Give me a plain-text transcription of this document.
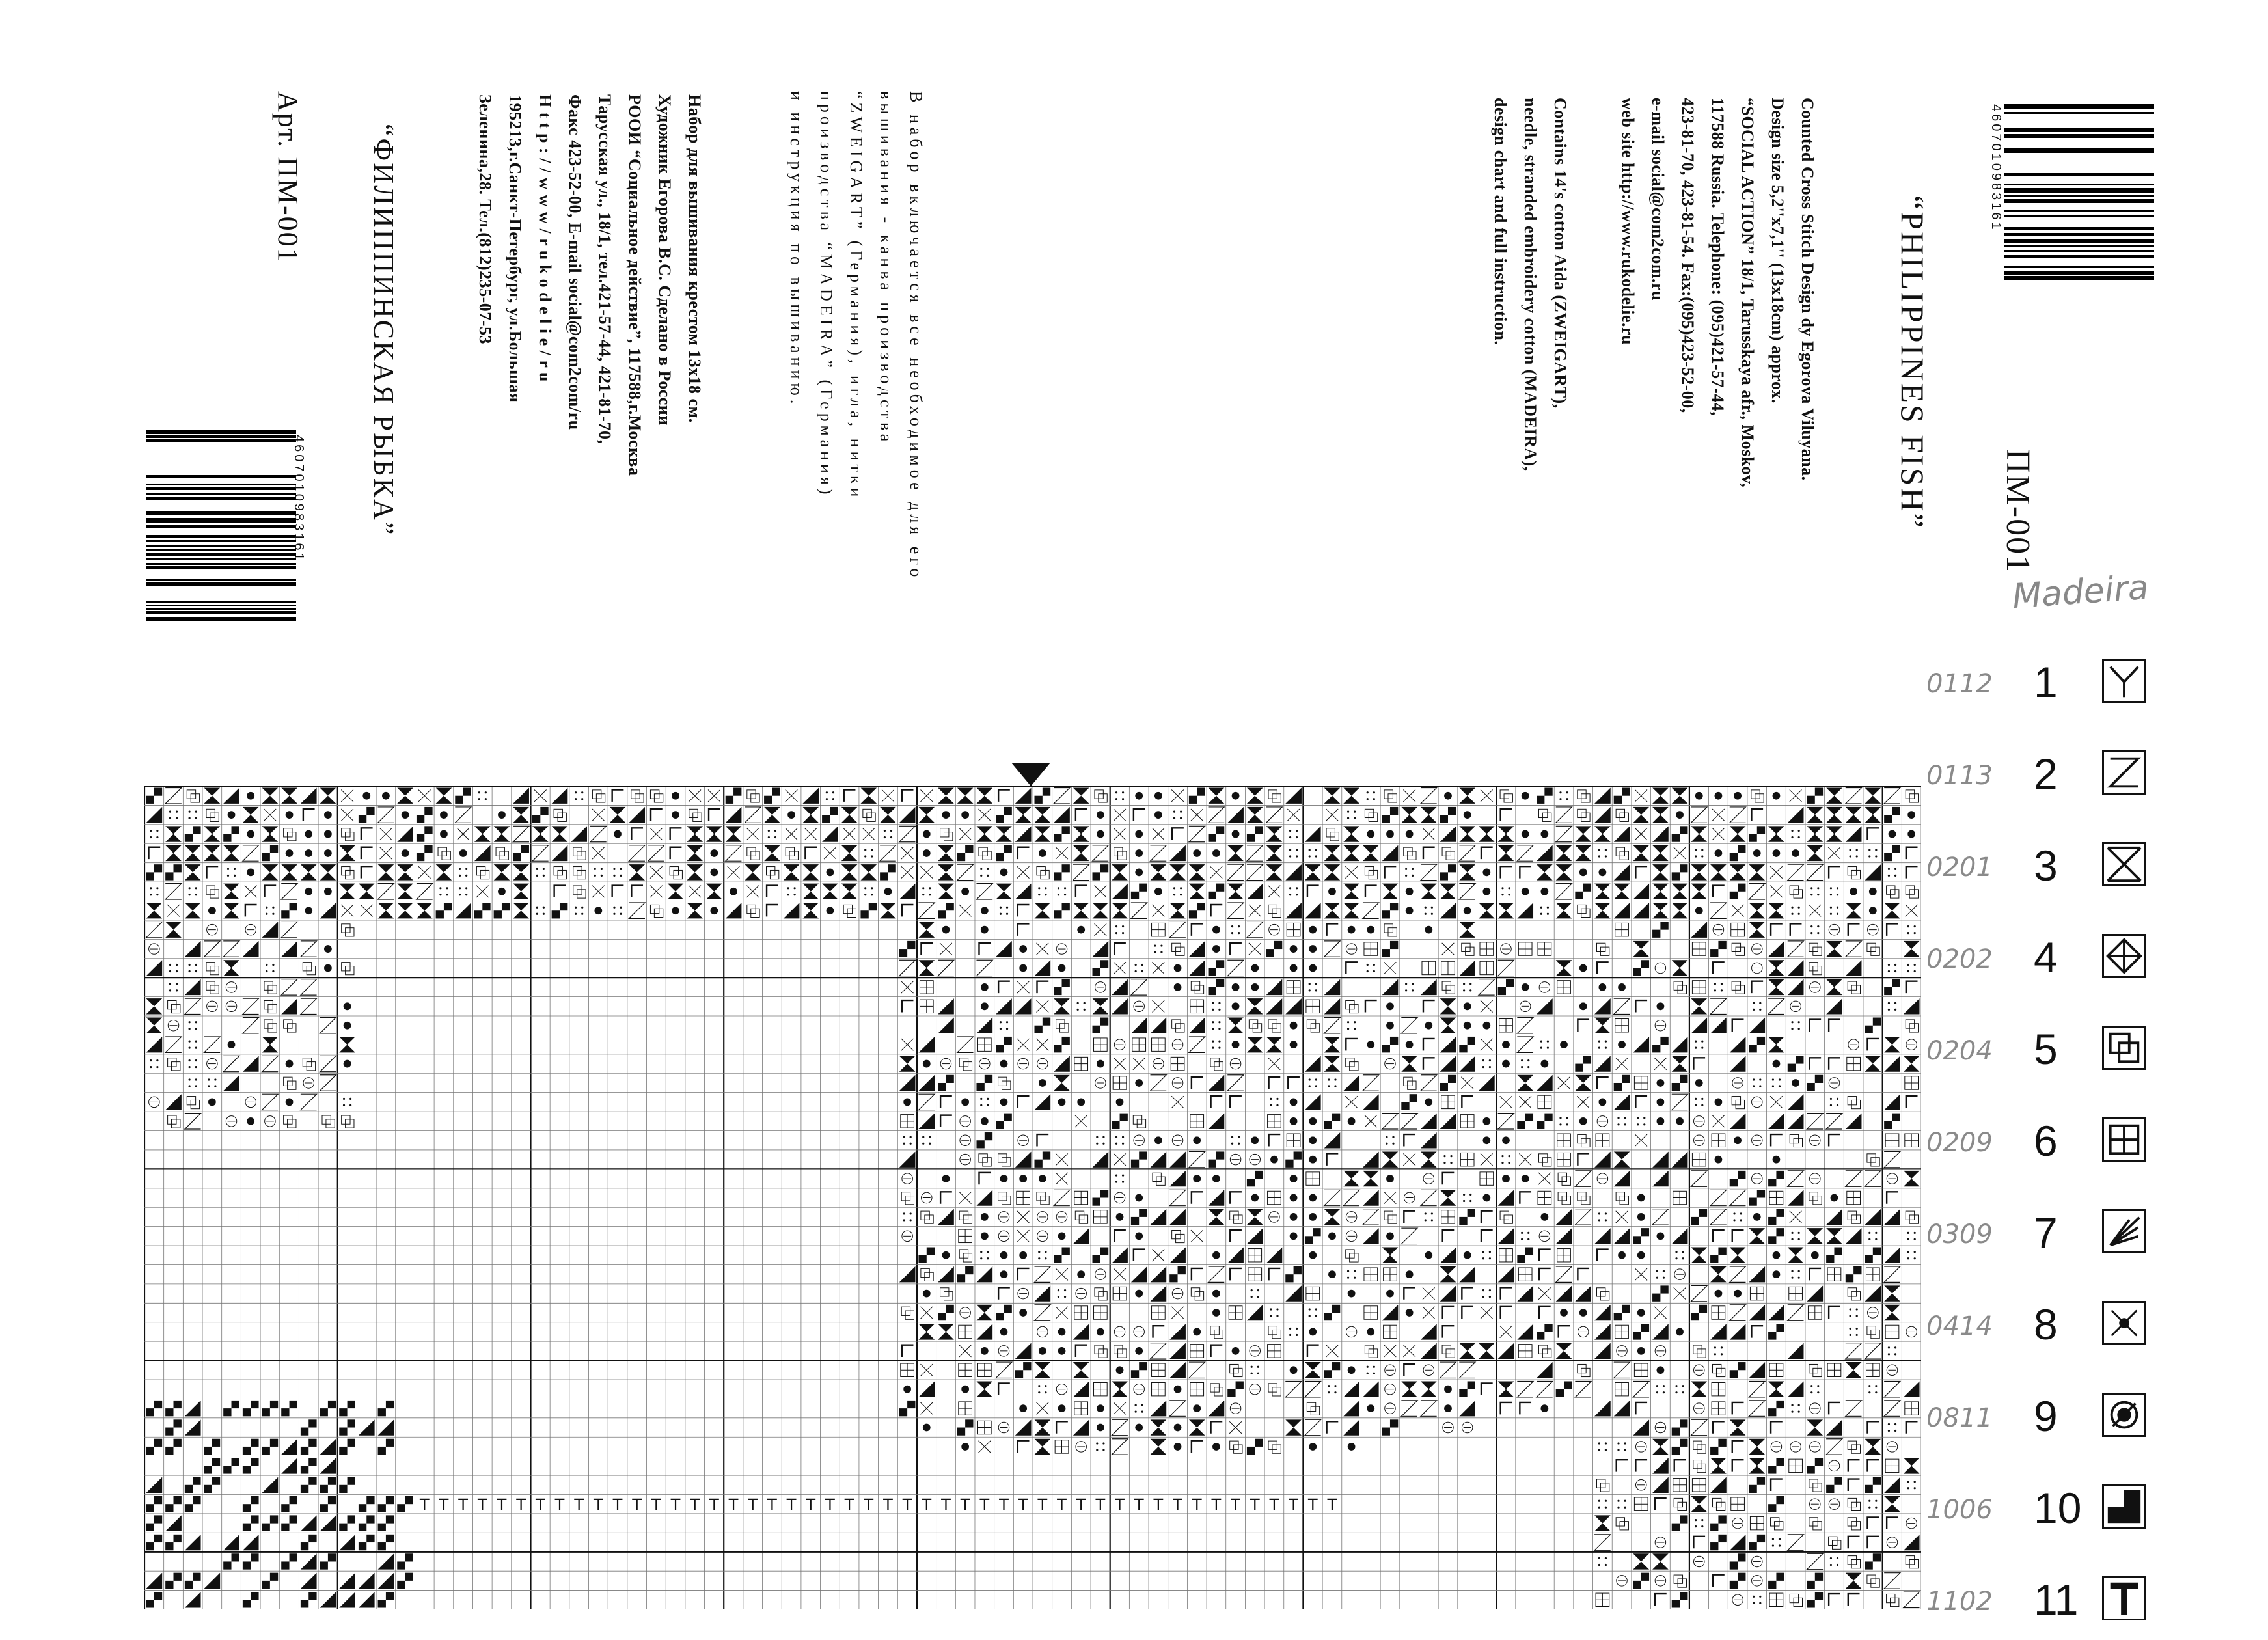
4607010983161
Арт. ПМ-001 “ФИЛИППИНСКАЯ РЫБКА”	Набор для вышивания крестом 13x18 см.

Художник Егорова В.С. Сделано в России

РООИ “Социальное действие”, 117588,г.Москва

Тарусская ул., 18/1, тел.421-57-44, 421-81-70,

Факс 423-52-00, E-mail social@com2com/ru

H t t p : / / w w w / r u k o d e l i e / r u

195213,г.Санкт-Петербург, ул.Большая

Зеленина,28. Тел.(812)235-07-53	В набор включается все необходимое для его

вышивания - канва производства

“ZWEIGART” (Германия), игла, нитки

производства “MADEIRA” (Германия)

и инструкция по вышиванию.	Counted Cross Stitch Design dy Egorova Viluyana.

Design size 5,2''x7,1'' (13x18cm) approx.

“SOCIAL ACTION” 18/1, Tarusskaya afr., Moskov,

117588 Russia. Telephone: (095)421-57-44,

423-81-70, 423-81-54. Fax:(095)423-52-00,

e-mail social@com2com.ru

web site http://www.rukodelie.ru

Contains 14's cotton Aida (ZWEIGART),

needle, stranded embroidery cotton (MADEIRA),

design chart and full instruction.	“PHILIPPINES FISH” ПМ-001
4607010983161
Madeira
0112 1
0113 2
0201 3
0202 4
0204 5
0209 6
0309 7
0414 8
0811 9
1006 10
1102 11
